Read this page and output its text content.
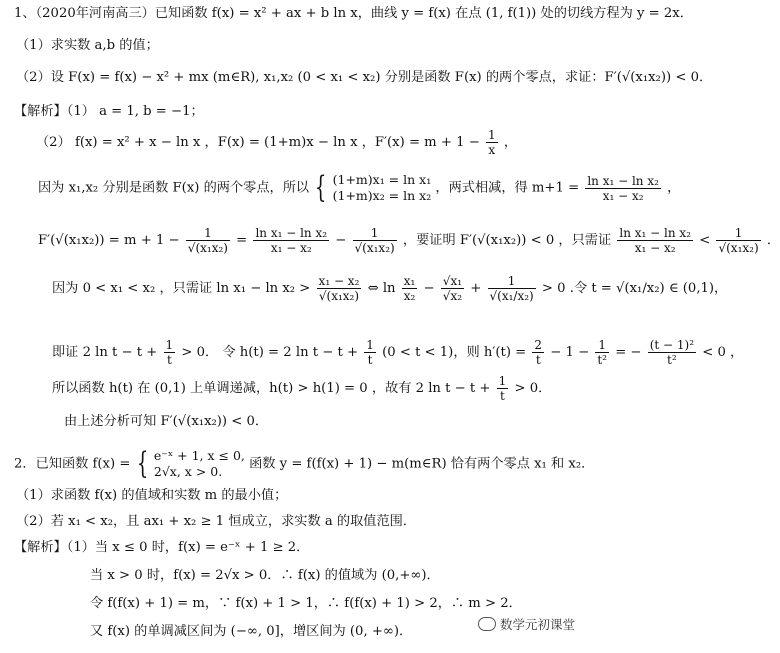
1、（2020年河南高三）已知函数 f(x) = x² + ax + b ln x，曲线 y = f(x) 在点 (1, f(1)) 处的切线方程为 y = 2x．
（1）求实数 a,b 的值；
（2）设 F(x) = f(x) − x² + mx (m∈R), x₁,x₂ (0 < x₁ < x₂) 分别是函数 F(x) 的两个零点，求证：F′(√(x₁x₂)) < 0．
【解析】（1） a = 1, b = −1；
（2） f(x) = x² + x − ln x ，F(x) = (1+m)x − ln x ，$F'(x) = m + 1 - \frac{1}{x}$ ，
因为 x₁,x₂ 分别是函数 F(x) 的两个零点，所以 { (1+m)x₁ = ln x₁
(1+m)x₂ = ln x₂ ，两式相减，得 $m+1 = \frac{\text{ln x₁ − ln x₂}}{\text{x₁ − x₂}}$ ，
$F'(√(x_1x_2)) = m + 1 - \frac{1}{\text{√(x₁x₂)}} = \frac{\text{ln x₁ − ln x₂}}{\text{x₁ − x₂}} - \frac{1}{\text{√(x₁x₂)}}$ ，要证明 F′(√(x₁x₂)) < 0 ，只需证 $\frac{\text{ln x₁ − ln x₂}}{\text{x₁ − x₂}} < \frac{1}{\text{√(x₁x₂)}}$ ．
因为 0 < x₁ < x₂ ，只需证 $\ln x_1 - \ln x_2 > \frac{\text{x₁ − x₂}}{\text{√(x₁x₂)}}$ ⇔ $\ln \frac{\text{x₁}}{\text{x₂}} - \frac{\text{√x₁}}{\text{√x₂}} + \frac{1}{\text{√(x₁/x₂)}} > 0$ .令 t = √(x₁/x₂) ∈ (0,1)，
即证 2 $\ln t - t + \frac{1}{t} > 0$． 令 h(t) = 2 $\ln t - t + \frac{1}{t} (0 < t < 1)$，则 $h'(t) = \frac{2}{t} - 1 - \frac{1}{\text{t²}}$ = − $\frac{\text{(t − 1)²}}{\text{t²}} < 0$ ，
所以函数 h(t) 在 (0,1) 上单调递减，h(t) > h(1) = 0 ，故有 2 $\ln t - t + \frac{1}{t} > 0$．
由上述分析可知 F′(√(x₁x₂)) < 0．
2．已知函数 f(x) = { e⁻ˣ + 1, x ≤ 0,
2√x, x > 0.	函数 y = f(f(x) + 1) − m(m∈R) 恰有两个零点 x₁ 和 x₂．
（1）求函数 f(x) 的值域和实数 m 的最小值；
（2）若 x₁ < x₂，且 ax₁ + x₂ ≥ 1 恒成立，求实数 a 的取值范围．
【解析】（1）当 x ≤ 0 时，f(x) = e⁻ˣ + 1 ≥ 2．
当 x > 0 时，f(x) = 2√x > 0．∴ f(x) 的值域为 (0,+∞)．
令 f(f(x) + 1) = m，∵ f(x) + 1 > 1，∴ f(f(x) + 1) > 2，∴ m > 2．
又 f(x) 的单调减区间为 (−∞, 0]，增区间为 (0, +∞)．	数学元初课堂
